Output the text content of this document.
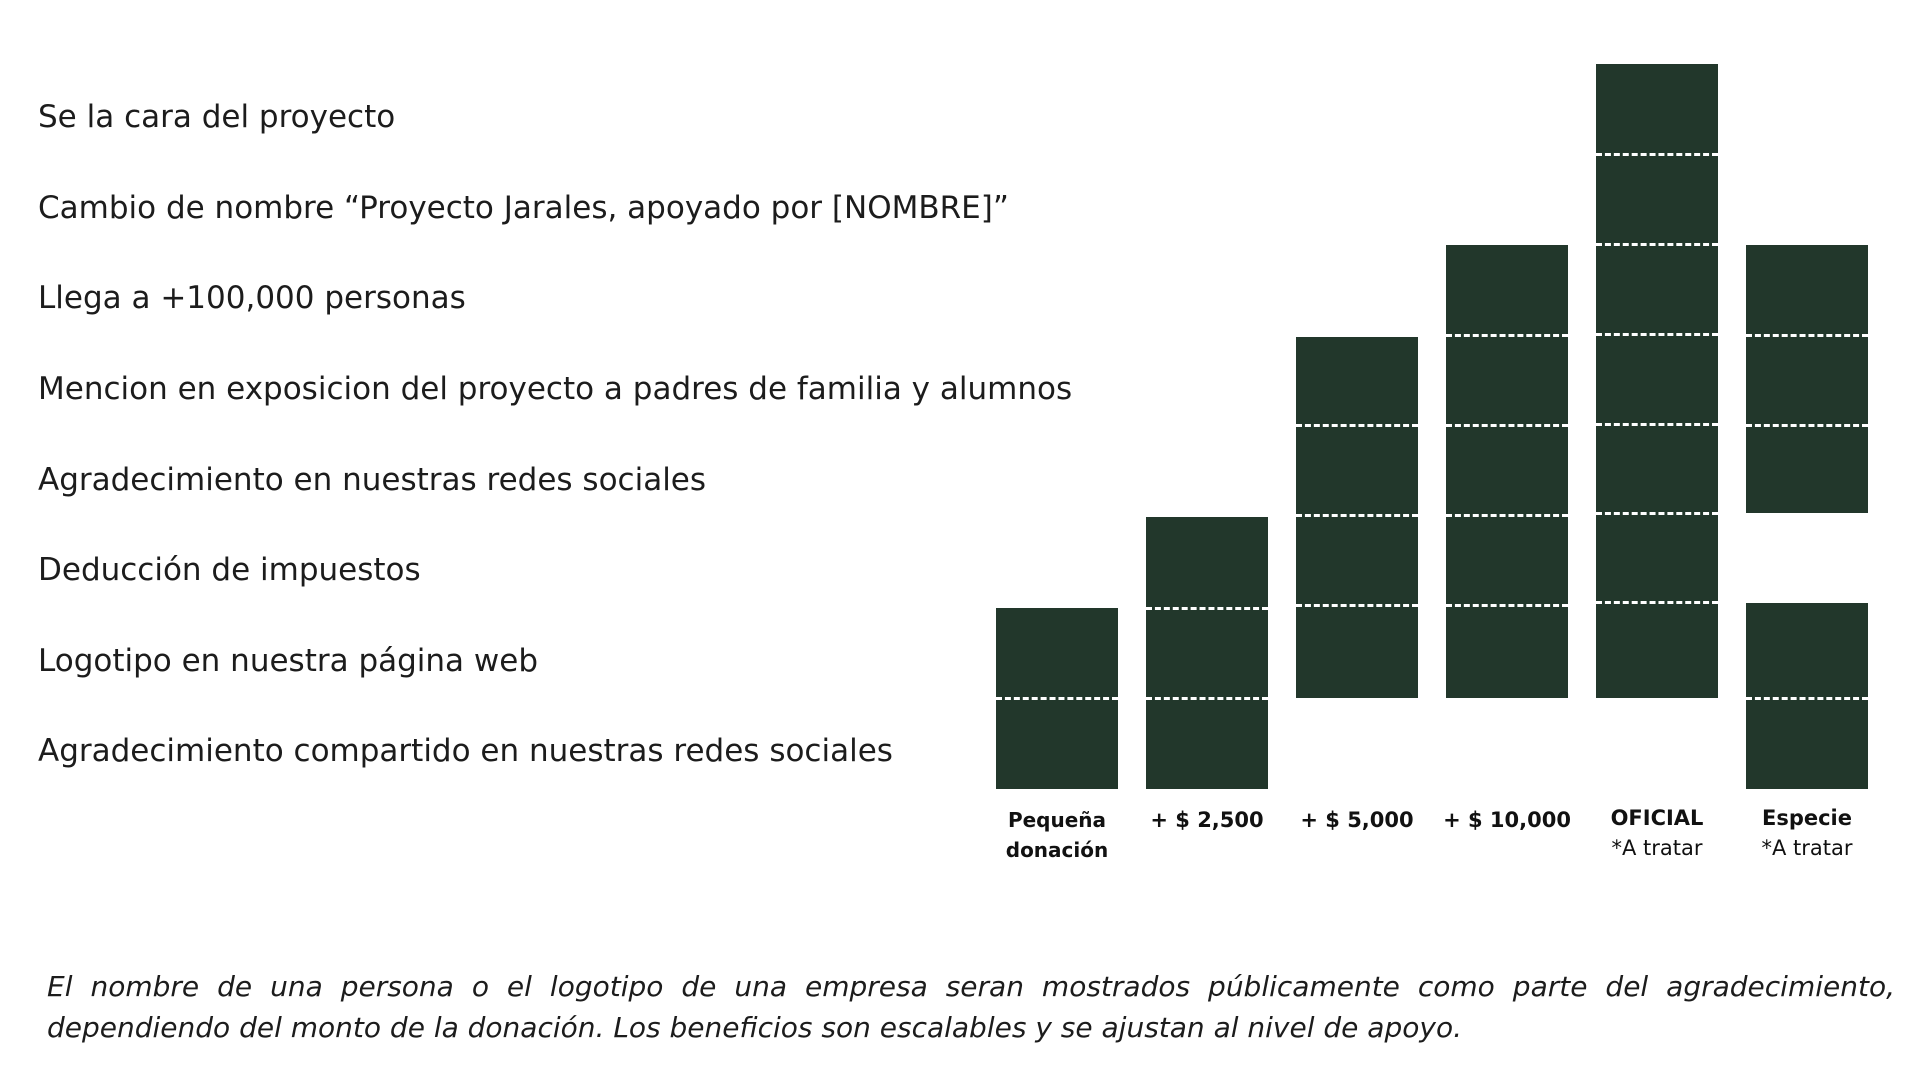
Se la cara del proyecto
Cambio de nombre “Proyecto Jarales, apoyado por [NOMBRE]”
Llega a +100,000 personas
Mencion en exposicion del proyecto a padres de familia y alumnos
Agradecimiento en nuestras redes sociales
Deducción de impuestos
Logotipo en nuestra página web
Agradecimiento compartido en nuestras redes sociales
Pequeña
donación
+ $ 2,500	+ $ 5,000	+ $ 10,000	OFICIAL
*A tratar
Especie
*A tratar

El nombre de una persona o el logotipo de una empresa seran mostrados públicamente como parte del agradecimiento, dependiendo del monto de la donación. Los beneficios son escalables y se ajustan al nivel de apoyo.
